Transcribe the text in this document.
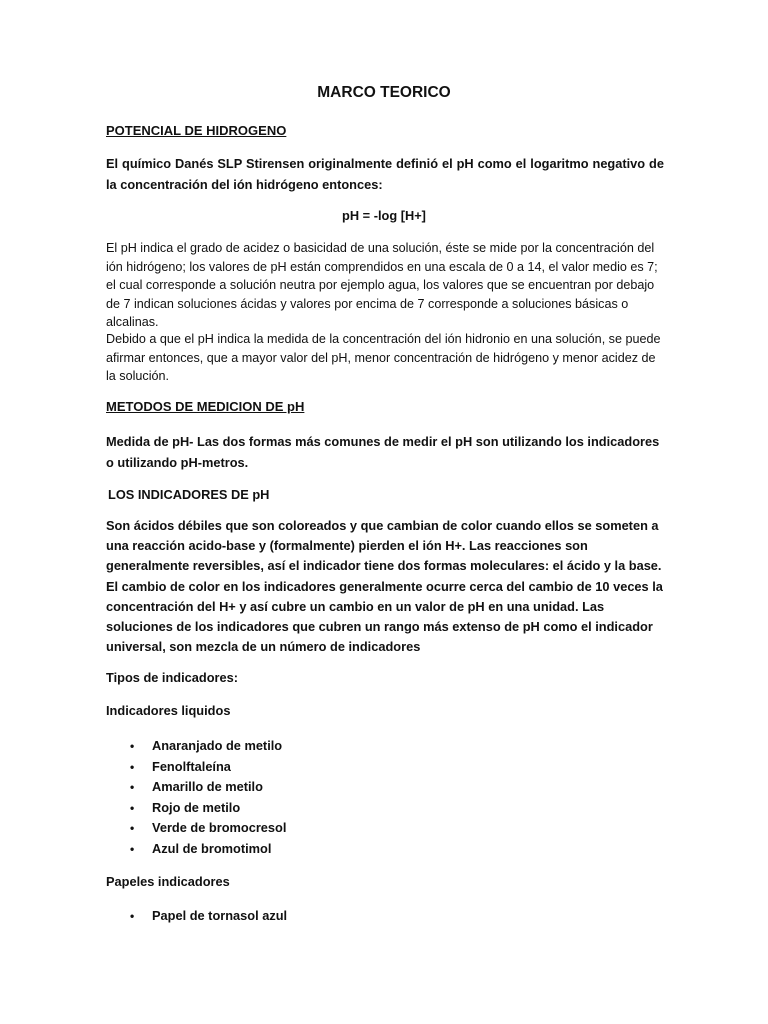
MARCO TEORICO
POTENCIAL DE HIDROGENO
El químico Danés SLP Stirensen originalmente definió el pH como el logaritmo negativo de la concentración del ión hidrógeno entonces:
pH = -log [H+]
El pH indica el grado de acidez o basicidad de una solución, éste se mide por la concentración del ión hidrógeno; los valores de pH están comprendidos en una escala de 0 a 14, el valor medio es 7; el cual corresponde a solución neutra por ejemplo agua, los valores que se encuentran por debajo de 7 indican soluciones ácidas y valores por encima de 7 corresponde a soluciones básicas o alcalinas.
Debido a que el pH indica la medida de la concentración del ión hidronio en una solución, se puede afirmar entonces, que a mayor valor del pH, menor concentración de hidrógeno y menor acidez de la solución.
METODOS DE MEDICION DE pH
Medida de pH- Las dos formas más comunes de medir el pH son utilizando los indicadores o utilizando pH-metros.
LOS INDICADORES DE pH
Son ácidos débiles que son coloreados y que cambian de color cuando ellos se someten a una reacción acido-base y (formalmente) pierden el ión H+. Las reacciones son generalmente reversibles, así el indicador tiene dos formas moleculares: el ácido y la base. El cambio de color en los indicadores generalmente ocurre cerca del cambio de 10 veces la concentración del H+ y así cubre un cambio en un valor de pH en una unidad. Las soluciones de los indicadores que cubren un rango más extenso de pH como el indicador universal, son mezcla de un número de indicadores
Tipos de indicadores:
Indicadores liquidos
• Anaranjado de metilo
• Fenolftaleína
• Amarillo de metilo
• Rojo de metilo
• Verde de bromocresol
• Azul de bromotimol
Papeles indicadores
• Papel de tornasol azul
